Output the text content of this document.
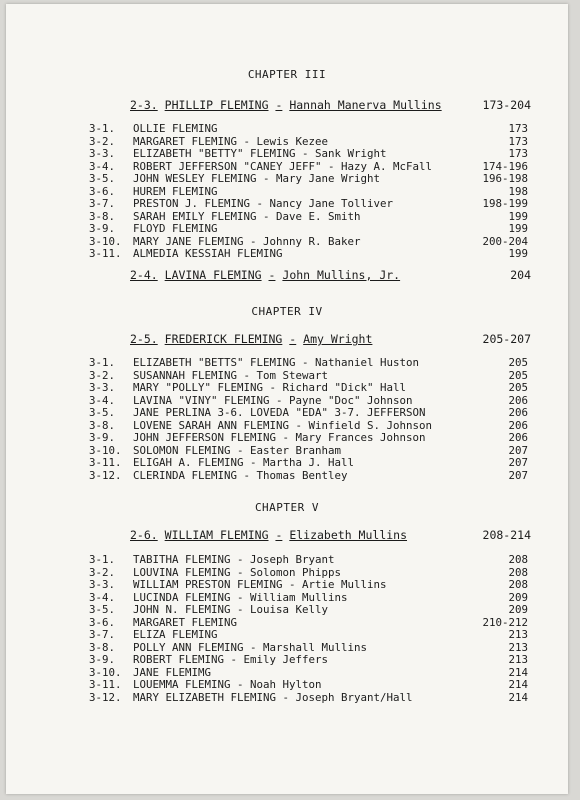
CHAPTER III
2-3. PHILLIP FLEMING - Hannah Manerva Mullins	173-204
3-1. OLLIE FLEMING	173
3-2. MARGARET FLEMING - Lewis Kezee	173
3-3. ELIZABETH "BETTY" FLEMING - Sank Wright	173
3-4. ROBERT JEFFERSON "CANEY JEFF" - Hazy A. McFall	174-196
3-5. JOHN WESLEY FLEMING - Mary Jane Wright	196-198
3-6. HUREM FLEMING	198
3-7. PRESTON J. FLEMING - Nancy Jane Tolliver	198-199
3-8. SARAH EMILY FLEMING - Dave E. Smith	199
3-9. FLOYD FLEMING	199
3-10. MARY JANE FLEMING - Johnny R. Baker	200-204
3-11. ALMEDIA KESSIAH FLEMING	199
2-4. LAVINA FLEMING - John Mullins, Jr.	204
CHAPTER IV
2-5. FREDERICK FLEMING - Amy Wright	205-207
3-1. ELIZABETH "BETTS" FLEMING - Nathaniel Huston	205
3-2. SUSANNAH FLEMING - Tom Stewart	205
3-3. MARY "POLLY" FLEMING - Richard "Dick" Hall	205
3-4. LAVINA "VINY" FLEMING - Payne "Doc" Johnson	206
3-5. JANE PERLINA 3-6. LOVEDA "EDA" 3-7. JEFFERSON	206
3-8. LOVENE SARAH ANN FLEMING - Winfield S. Johnson	206
3-9. JOHN JEFFERSON FLEMING - Mary Frances Johnson	206
3-10. SOLOMON FLEMING - Easter Branham	207
3-11. ELIGAH A. FLEMING - Martha J. Hall	207
3-12. CLERINDA FLEMING - Thomas Bentley	207
CHAPTER V
2-6. WILLIAM FLEMING - Elizabeth Mullins	208-214
3-1. TABITHA FLEMING - Joseph Bryant	208
3-2. LOUVINA FLEMING - Solomon Phipps	208
3-3. WILLIAM PRESTON FLEMING - Artie Mullins	208
3-4. LUCINDA FLEMING - William Mullins	209
3-5. JOHN N. FLEMING - Louisa Kelly	209
3-6. MARGARET FLEMING	210-212
3-7. ELIZA FLEMING	213
3-8. POLLY ANN FLEMING - Marshall Mullins	213
3-9. ROBERT FLEMING - Emily Jeffers	213
3-10. JANE FLEMIMG	214
3-11. LOUEMMA FLEMING - Noah Hylton	214
3-12. MARY ELIZABETH FLEMING - Joseph Bryant/Hall	214
